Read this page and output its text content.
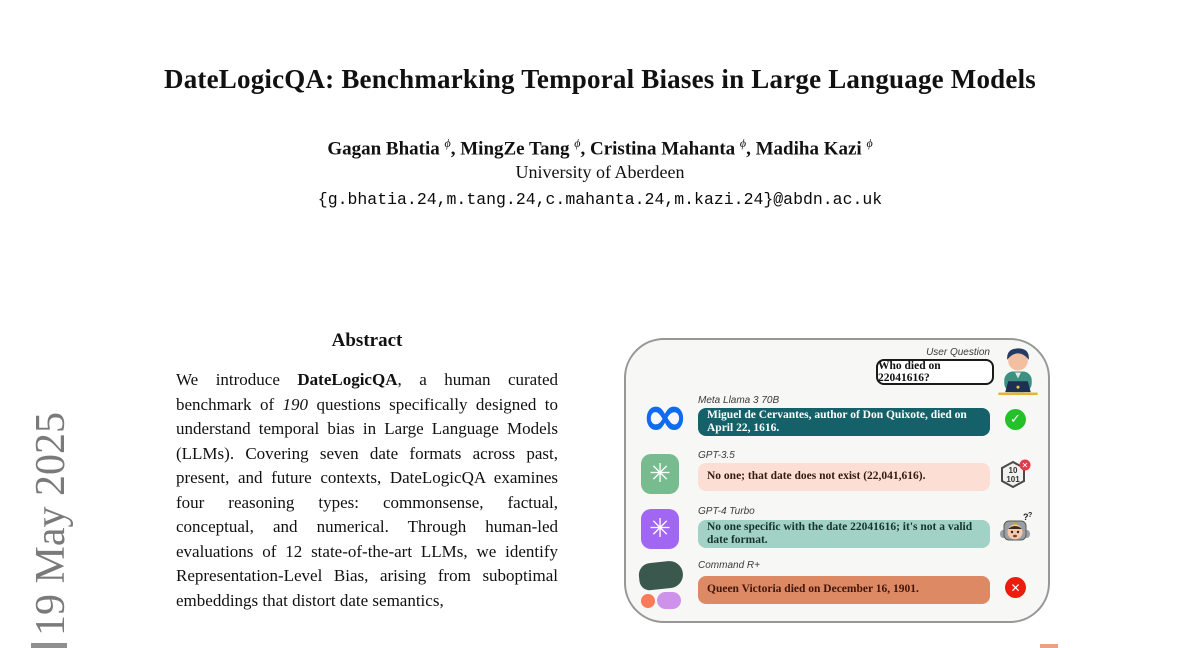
DateLogicQA: Benchmarking Temporal Biases in Large Language Models
Gagan Bhatia $^\phi$, MingZe Tang $^\phi$, Cristina Mahanta $^\phi$, Madiha Kazi $^\phi$
University of Aberdeen
{g.bhatia.24,m.tang.24,c.mahanta.24,m.kazi.24}@abdn.ac.uk
19 May 2025
Abstract

We introduce DateLogicQA, a human curated benchmark of 190 questions specifically designed to understand temporal bias in Large Language Models (LLMs). Covering seven date formats across past, present, and future contexts, DateLogicQA examines four reasoning types: commonsense, factual, conceptual, and numerical. Through human-led evaluations of 12 state-of-the-art LLMs, we identify Representation-Level Bias, arising from suboptimal embeddings that distort date semantics,

User Question
Who died on 22041616?
∞ Meta Llama 3 70B
Miguel de Cervantes, author of Don Quixote, died on April 22, 1616.
✓
✳
GPT-3.5
No one; that date does not exist (22,041,616).	10
101
✕
✳
GPT-4 Turbo
No one specific with the date 22041616; it's not a valid date format.
? ?
Command R+
Queen Victoria died on December 16, 1901.	✕
